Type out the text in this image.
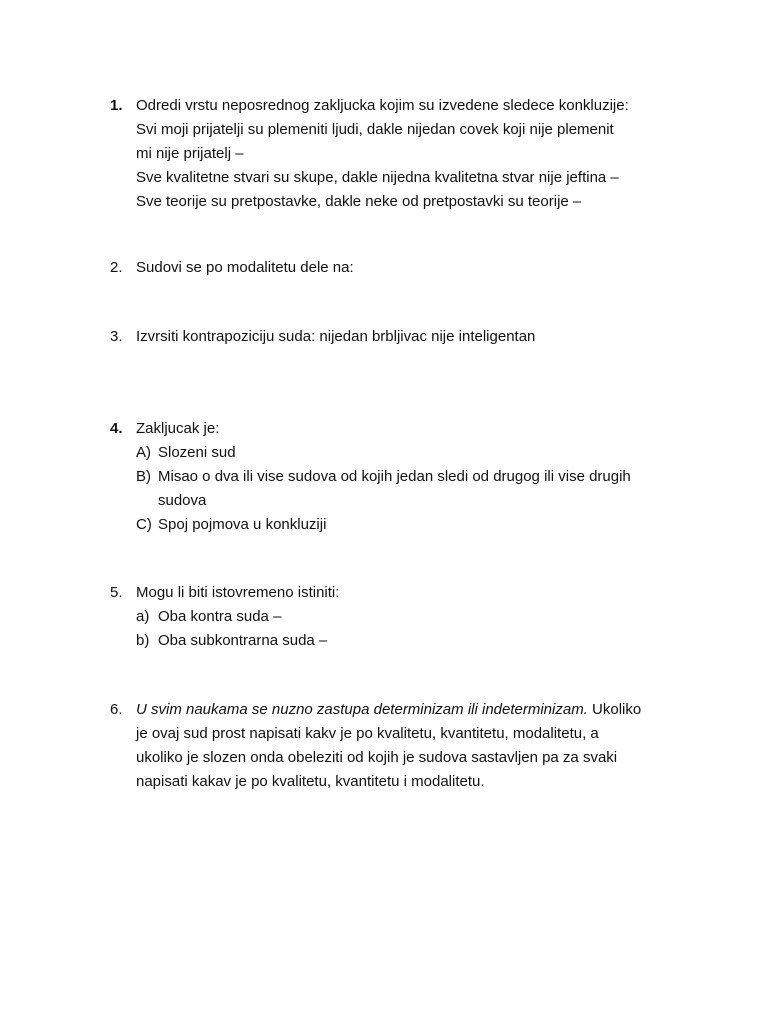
1. Odredi vrstu neposrednog zakljucka kojim su izvedene sledece konkluzije:
Svi moji prijatelji su plemeniti ljudi, dakle nijedan covek koji nije plemenit
mi nije prijatelj –
Sve kvalitetne stvari su skupe, dakle nijedna kvalitetna stvar nije jeftina –
Sve teorije su pretpostavke, dakle neke od pretpostavki su teorije –
2. Sudovi se po modalitetu dele na:
3. Izvrsiti kontrapoziciju suda: nijedan brbljivac nije inteligentan
4. Zakljucak je:
A) Slozeni sud
B) Misao o dva ili vise sudova od kojih jedan sledi od drugog ili vise drugih
sudova
C) Spoj pojmova u konkluziji
5. Mogu li biti istovremeno istiniti:
a) Oba kontra suda –
b) Oba subkontrarna suda –
6. U svim naukama se nuzno zastupa determinizam ili indeterminizam. Ukoliko
je ovaj sud prost napisati kakv je po kvalitetu, kvantitetu, modalitetu, a
ukoliko je slozen onda obeleziti od kojih je sudova sastavljen pa za svaki
napisati kakav je po kvalitetu, kvantitetu i modalitetu.
